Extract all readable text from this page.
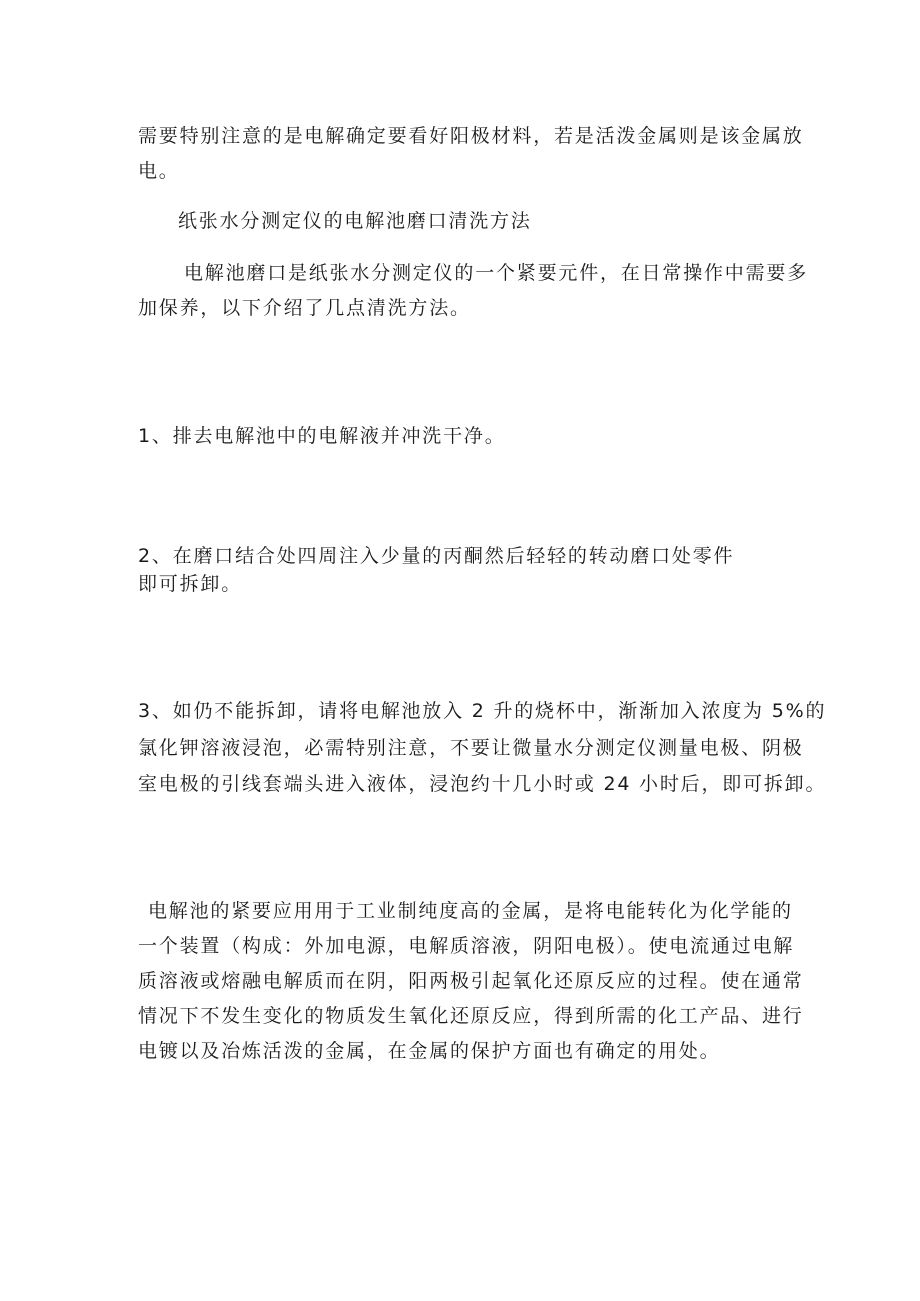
需要特别注意的是电解确定要看好阳极材料，若是活泼金属则是该金属放
电。
纸张水分测定仪的电解池磨口清洗方法
电解池磨口是纸张水分测定仪的一个紧要元件，在日常操作中需要多
加保养，以下介绍了几点清洗方法。
1、排去电解池中的电解液并冲洗干净。
2、在磨口结合处四周注入少量的丙酮然后轻轻的转动磨口处零件
即可拆卸。
3、如仍不能拆卸，请将电解池放入 2 升的烧杯中，渐渐加入浓度为 5%的
氯化钾溶液浸泡，必需特别注意，不要让微量水分测定仪测量电极、阴极
室电极的引线套端头进入液体，浸泡约十几小时或 24 小时后，即可拆卸。
电解池的紧要应用用于工业制纯度高的金属，是将电能转化为化学能的
一个装置（构成：外加电源，电解质溶液，阴阳电极）。使电流通过电解
质溶液或熔融电解质而在阴，阳两极引起氧化还原反应的过程。使在通常
情况下不发生变化的物质发生氧化还原反应，得到所需的化工产品、进行
电镀以及冶炼活泼的金属，在金属的保护方面也有确定的用处。
